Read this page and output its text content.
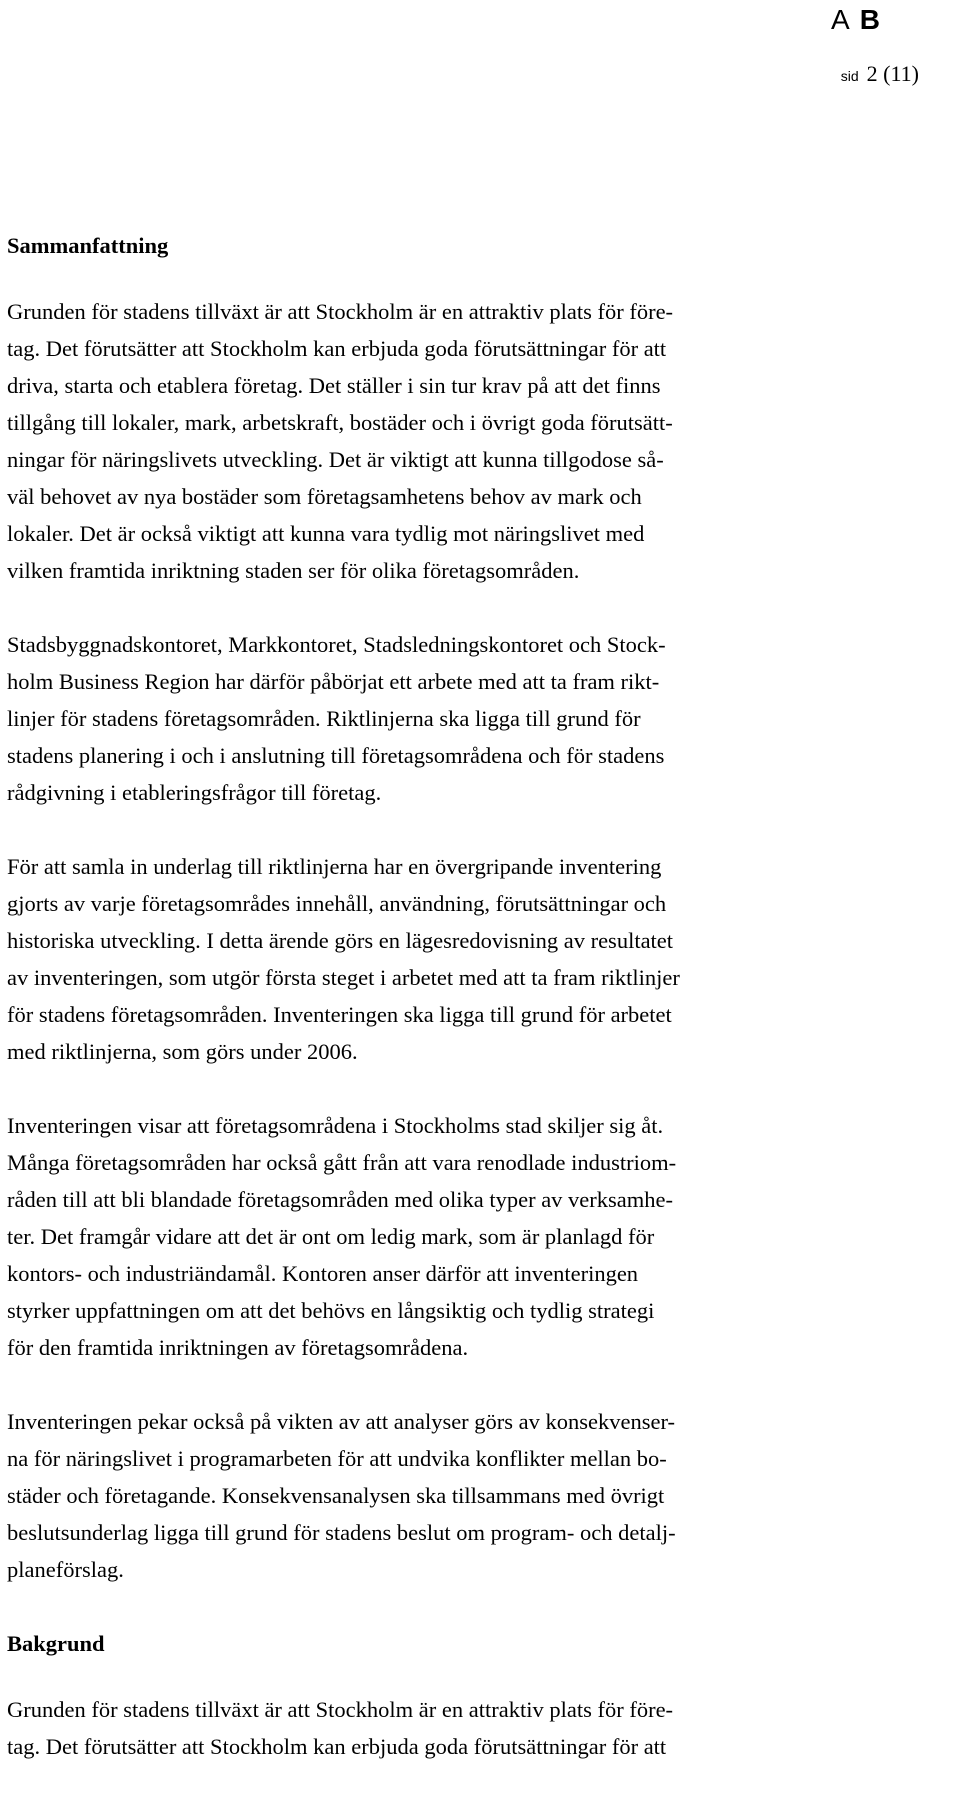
A B
sid 2 (11)
Sammanfattning

Grunden för stadens tillväxt är att Stockholm är en attraktiv plats för före-
tag. Det förutsätter att Stockholm kan erbjuda goda förutsättningar för att
driva, starta och etablera företag. Det ställer i sin tur krav på att det finns
tillgång till lokaler, mark, arbetskraft, bostäder och i övrigt goda förutsätt-
ningar för näringslivets utveckling. Det är viktigt att kunna tillgodose så-
väl behovet av nya bostäder som företagsamhetens behov av mark och
lokaler. Det är också viktigt att kunna vara tydlig mot näringslivet med
vilken framtida inriktning staden ser för olika företagsområden.

Stadsbyggnadskontoret, Markkontoret, Stadsledningskontoret och Stock-
holm Business Region har därför påbörjat ett arbete med att ta fram rikt-
linjer för stadens företagsområden. Riktlinjerna ska ligga till grund för
stadens planering i och i anslutning till företagsområdena och för stadens
rådgivning i etableringsfrågor till företag.

För att samla in underlag till riktlinjerna har en övergripande inventering
gjorts av varje företagsområdes innehåll, användning, förutsättningar och
historiska utveckling. I detta ärende görs en lägesredovisning av resultatet
av inventeringen, som utgör första steget i arbetet med att ta fram riktlinjer
för stadens företagsområden. Inventeringen ska ligga till grund för arbetet
med riktlinjerna, som görs under 2006.

Inventeringen visar att företagsområdena i Stockholms stad skiljer sig åt.
Många företagsområden har också gått från att vara renodlade industriom-
råden till att bli blandade företagsområden med olika typer av verksamhe-
ter. Det framgår vidare att det är ont om ledig mark, som är planlagd för
kontors- och industriändamål. Kontoren anser därför att inventeringen
styrker uppfattningen om att det behövs en långsiktig och tydlig strategi
för den framtida inriktningen av företagsområdena.

Inventeringen pekar också på vikten av att analyser görs av konsekvenser-
na för näringslivet i programarbeten för att undvika konflikter mellan bo-
städer och företagande. Konsekvensanalysen ska tillsammans med övrigt
beslutsunderlag ligga till grund för stadens beslut om program- och detalj-
planeförslag.

Bakgrund

Grunden för stadens tillväxt är att Stockholm är en attraktiv plats för före-
tag. Det förutsätter att Stockholm kan erbjuda goda förutsättningar för att
